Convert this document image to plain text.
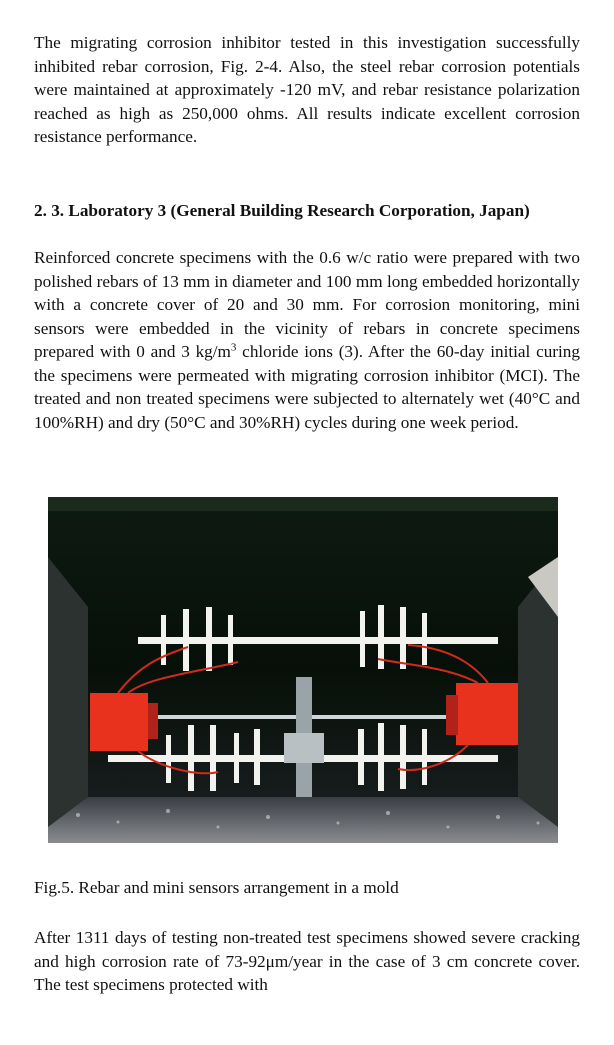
The migrating corrosion inhibitor tested in this investigation successfully inhibited rebar corrosion, Fig. 2-4. Also, the steel rebar corrosion potentials were maintained at approximately -120 mV, and rebar resistance polarization reached as high as 250,000 ohms. All results indicate excellent corrosion resistance performance.

2. 3. Laboratory 3 (General Building Research Corporation, Japan)

Reinforced concrete specimens with the 0.6 w/c ratio were prepared with two polished rebars of 13 mm in diameter and 100 mm long embedded horizontally with a concrete cover of 20 and 30 mm. For corrosion monitoring, mini sensors were embedded in the vicinity of rebars in concrete specimens prepared with 0 and 3 $kg/m^3$ chloride ions (3). After the 60-day initial curing the specimens were permeated with migrating corrosion inhibitor (MCI). The treated and non treated specimens were subjected to alternately wet (40°C and 100%RH) and dry (50°C and 30%RH) cycles during one week period.

Fig.5. Rebar and mini sensors arrangement in a mold

After 1311 days of testing non-treated test specimens showed severe cracking and high corrosion rate of 73-92μm/year in the case of 3 cm concrete cover. The test specimens protected with
